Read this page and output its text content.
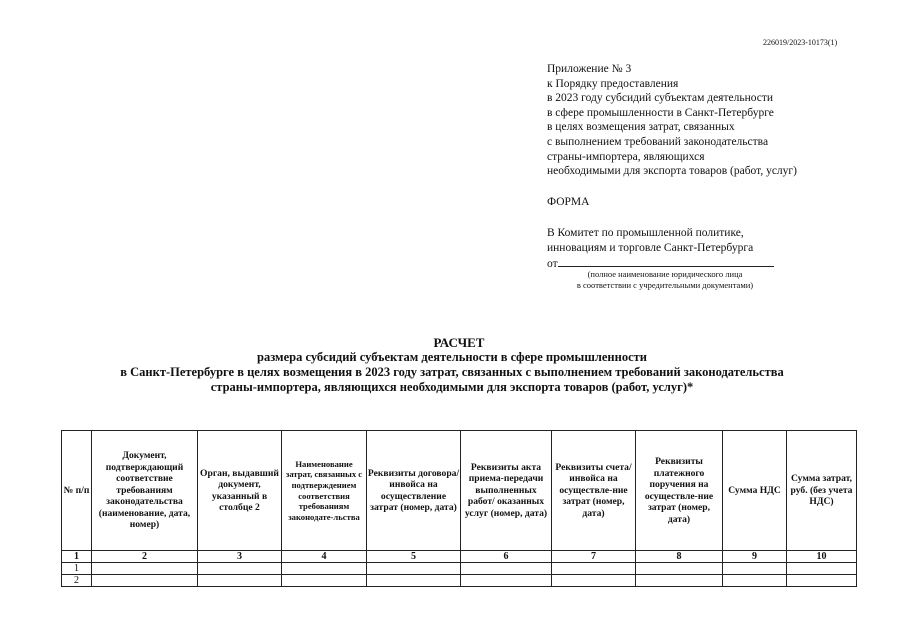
226019/2023-10173(1)
Приложение № 3
к Порядку предоставления
в 2023 году субсидий субъектам деятельности
в сфере промышленности в Санкт-Петербурге
в целях возмещения затрат, связанных
с выполнением требований законодательства
страны-импортера, являющихся
необходимыми для экспорта товаров (работ, услуг)
ФОРМА
В Комитет по промышленной политике,
инновациям и торговле Санкт-Петербурга
от
(полное наименование юридического лица
в соответствии с учредительными документами)
РАСЧЕТ
размера субсидий субъектам деятельности в сфере промышленности
в Санкт-Петербурге в целях возмещения в 2023 году затрат, связанных с выполнением требований законодательства
страны-импортера, являющихся необходимыми для экспорта товаров (работ, услуг)*
№ п/п	Документ, подтверждающий соответствие требованиям законодательства (наименование, дата, номер)	Орган, выдавший документ, указанный в столбце 2	Наименование затрат, связанных с подтверждением соответствия требованиям законодате-льства	Реквизиты договора/ инвойса на осуществление затрат (номер, дата)	Реквизиты акта приема-передачи выполненных работ/ оказанных услуг (номер, дата)	Реквизиты счета/ инвойса на осуществле-ние затрат (номер, дата)	Реквизиты платежного поручения на осуществле-ние затрат (номер, дата)	Сумма НДС	Сумма затрат, руб. (без учета НДС)
1	2	3	4	5	6	7	8	9	10
1									
2									
